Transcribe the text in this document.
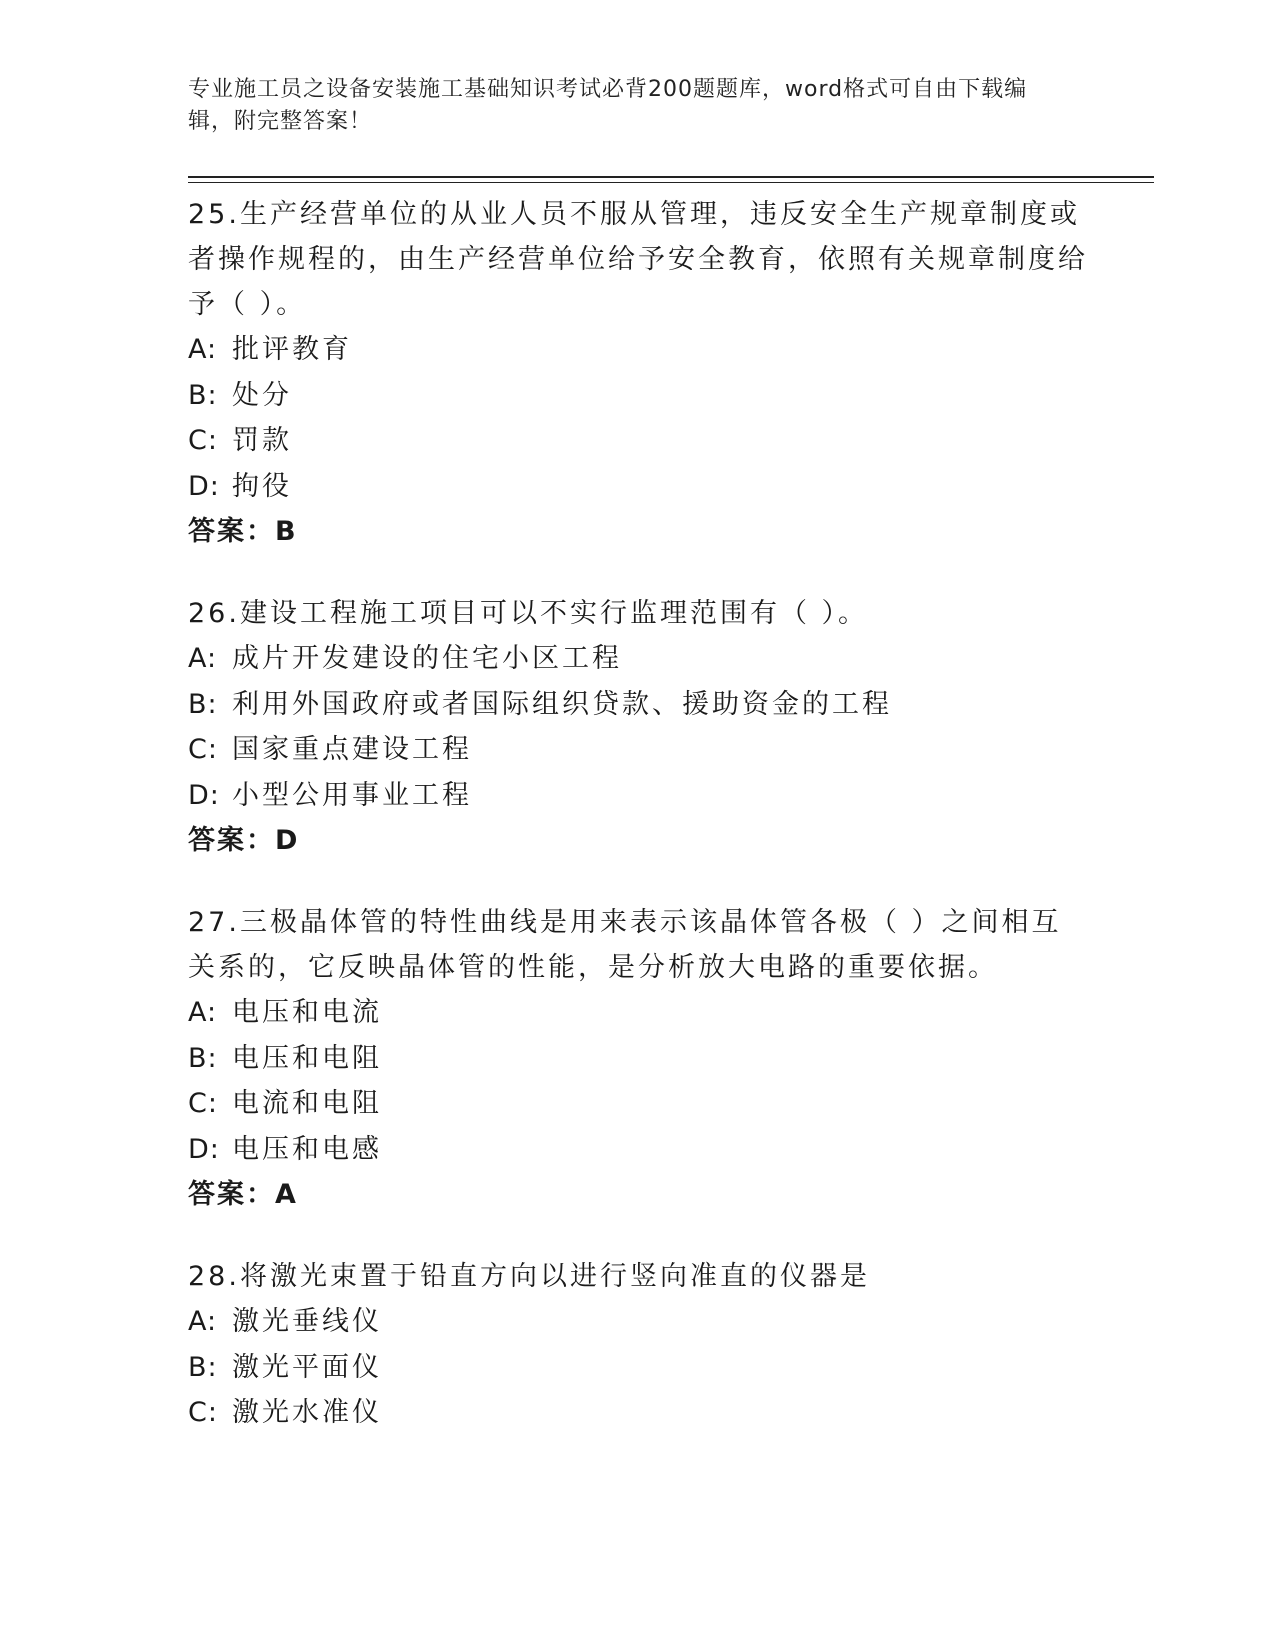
专业施工员之设备安装施工基础知识考试必背200题题库，word格式可自由下载编辑，附完整答案！

25.生产经营单位的从业人员不服从管理，违反安全生产规章制度或者操作规程的，由生产经营单位给予安全教育，依照有关规章制度给予（ ）。

A: 批评教育

B: 处分

C: 罚款

D: 拘役

答案：B

26.建设工程施工项目可以不实行监理范围有（ ）。

A: 成片开发建设的住宅小区工程

B: 利用外国政府或者国际组织贷款、援助资金的工程

C: 国家重点建设工程

D: 小型公用事业工程

答案：D

27.三极晶体管的特性曲线是用来表示该晶体管各极（ ）之间相互关系的，它反映晶体管的性能，是分析放大电路的重要依据。

A: 电压和电流

B: 电压和电阻

C: 电流和电阻

D: 电压和电感

答案：A

28.将激光束置于铅直方向以进行竖向准直的仪器是

A: 激光垂线仪

B: 激光平面仪

C: 激光水准仪
